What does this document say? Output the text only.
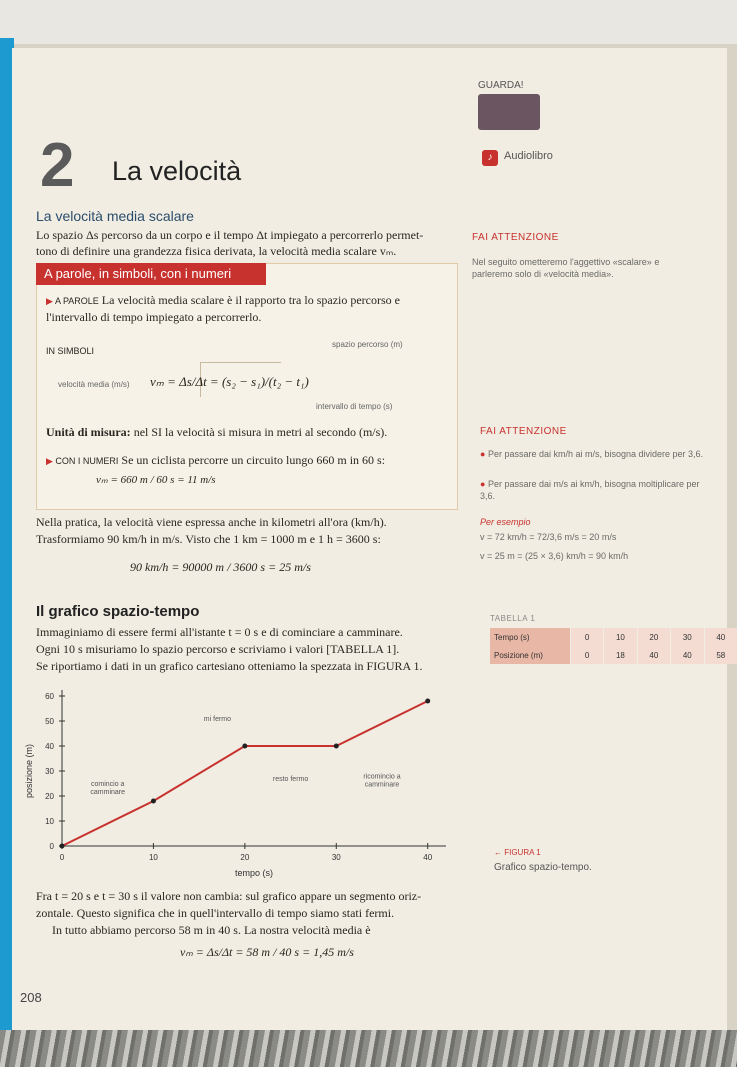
2 La velocità
GUARDA!
♪	Audiolibro
La velocità media scalare
Lo spazio Δs percorso da un corpo e il tempo Δt impiegato a percorrerlo permet-
tono di definire una grandezza fisica derivata, la velocità media scalare vₘ.
A parole, in simboli, con i numeri
▶ A PAROLE La velocità media scalare è il rapporto tra lo spazio percorso e
l'intervallo di tempo impiegato a percorrerlo.
IN SIMBOLI
spazio percorso (m)
velocità media (m/s) vₘ = Δs/Δt = (s₂ − s₁)/(t₂ − t₁)
intervallo di tempo (s)
Unità di misura: nel SI la velocità si misura in metri al secondo (m/s).
▶ CON I NUMERI Se un ciclista percorre un circuito lungo 660 m in 60 s:
vₘ = 660 m / 60 s = 11 m/s
FAI ATTENZIONE
Nel seguito ometteremo l'aggettivo «scalare» e parleremo solo di «velocità media».
FAI ATTENZIONE
● Per passare dai km/h ai m/s, bisogna dividere per 3,6.
● Per passare dai m/s ai km/h, bisogna moltiplicare per 3,6.
Per esempio
v = 72 km/h = 72/3,6 m/s = 20 m/s
v = 25 m = (25 × 3,6) km/h = 90 km/h
Nella pratica, la velocità viene espressa anche in kilometri all'ora (km/h).
Trasformiamo 90 km/h in m/s. Visto che 1 km = 1000 m e 1 h = 3600 s:
90 km/h = 90000 m / 3600 s = 25 m/s
Il grafico spazio-tempo
Immaginiamo di essere fermi all'istante t = 0 s e di cominciare a camminare.
Ogni 10 s misuriamo lo spazio percorso e scriviamo i valori [TABELLA 1].
Se riportiamo i dati in un grafico cartesiano otteniamo la spezzata in FIGURA 1.
TABELLA 1
Tempo (s)	0	10	20	30	40
Posizione (m)	0	18	40	40	58
0
10
20
30
40
50
60
0	10	20	30	40
tempo (s)
posizione (m)	cominciо a
camminare
mi fermo
resto fermo	ricomincio a
camminare
← FIGURA 1
Grafico spazio-tempo.
Fra t = 20 s e t = 30 s il valore non cambia: sul grafico appare un segmento oriz-
zontale. Questo significa che in quell'intervallo di tempo siamo stati fermi.
In tutto abbiamo percorso 58 m in 40 s. La nostra velocità media è
vₘ = Δs/Δt = 58 m / 40 s = 1,45 m/s
208
